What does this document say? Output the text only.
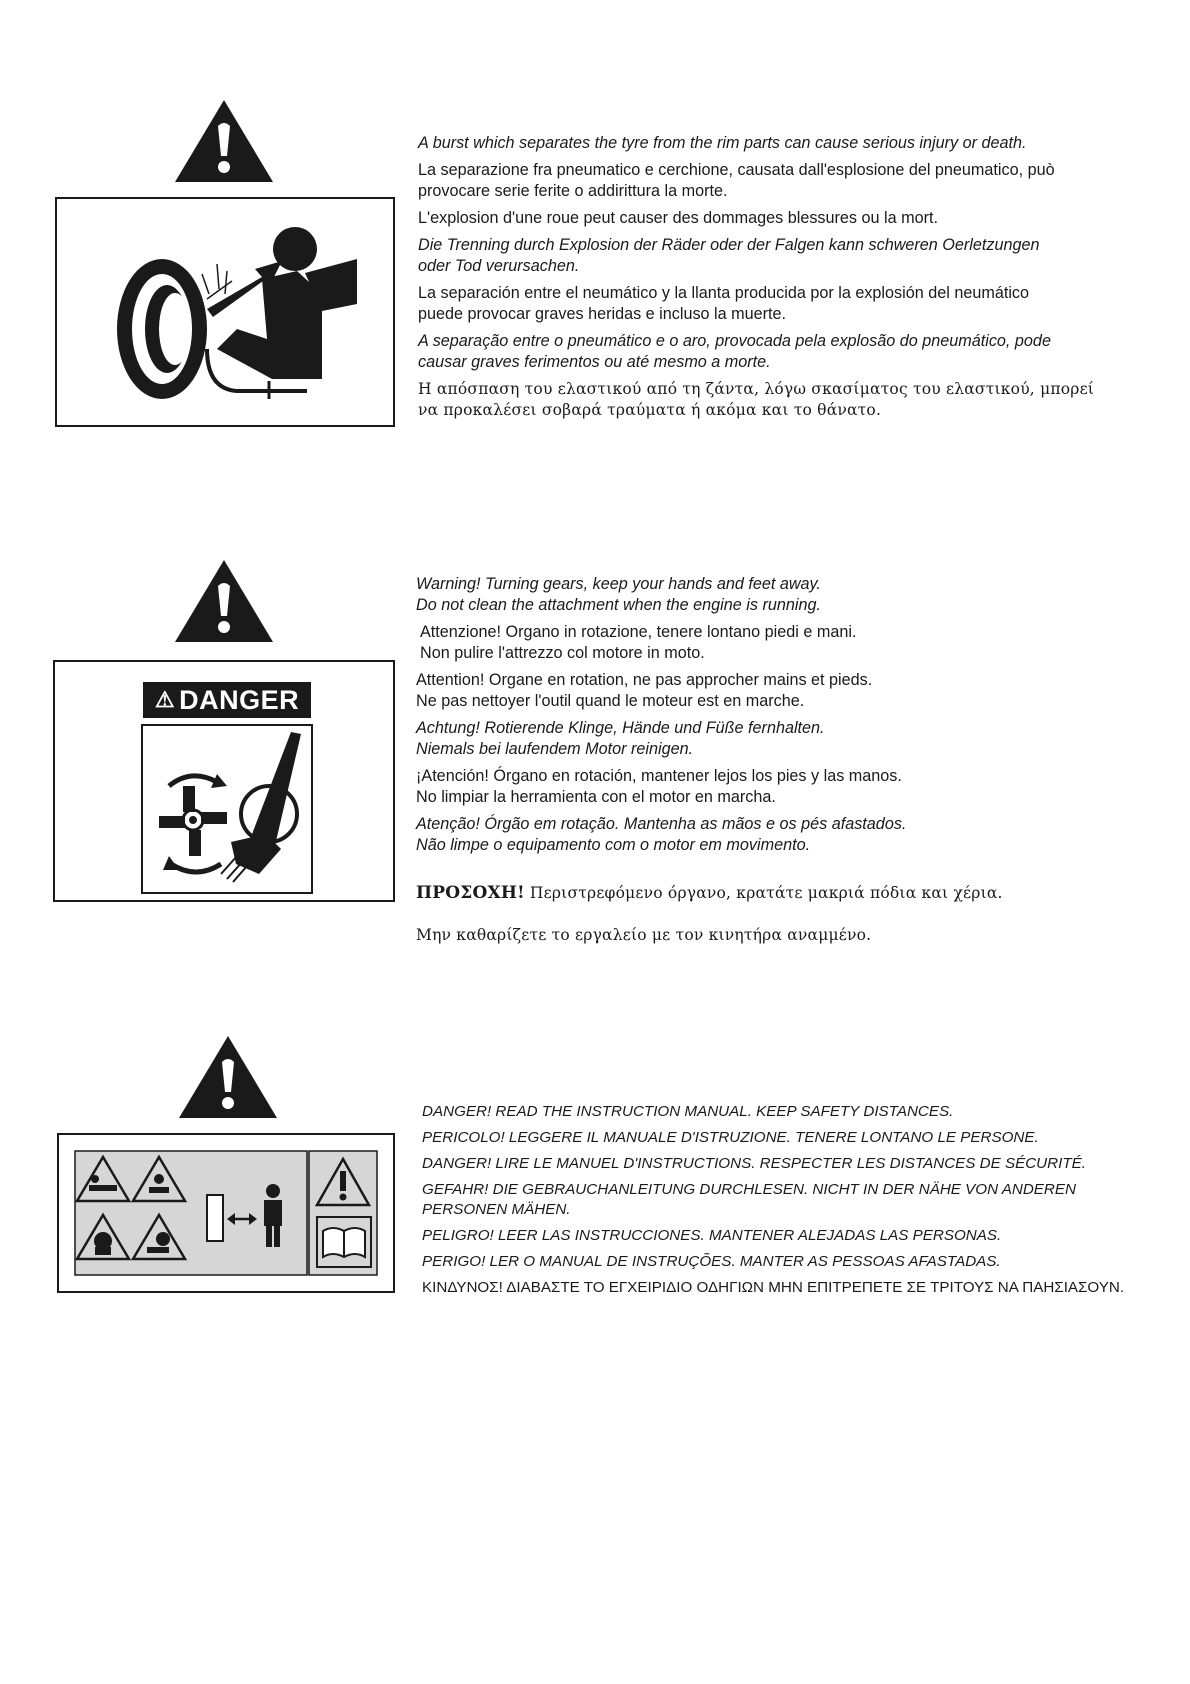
A burst which separates the tyre from the rim parts can cause serious injury or death.

La separazione fra pneumatico e cerchione, causata dall'esplosione del pneumatico, può
provocare serie ferite o addirittura la morte.

L'explosion d'une roue peut causer des dommages blessures ou la mort.

Die Trenning durch Explosion der Räder oder der Falgen kann schweren Oerletzungen
oder Tod verursachen.

La separación entre el neumático y la llanta producida por la explosión del neumático
puede provocar graves heridas e incluso la muerte.

A separação entre o pneumático e o aro, provocada pela explosão do pneumático, pode
causar graves ferimentos ou até mesmo a morte.

Η απόσπαση του ελαστικού από τη ζάντα, λόγω σκασίματος του ελαστικού, μπορεί
να προκαλέσει σοβαρά τραύματα ή ακόμα και το θάνατο.

⚠ DANGER

Warning! Turning gears, keep your hands and feet away.
Do not clean the attachment when the engine is running.

Attenzione! Organo in rotazione, tenere lontano piedi e mani.
Non pulire l'attrezzo col motore in moto.

Attention! Organe en rotation, ne pas approcher mains et pieds.
Ne pas nettoyer l'outil quand le moteur est en marche.

Achtung! Rotierende Klinge, Hände und Füße fernhalten.
Niemals bei laufendem Motor reinigen.

¡Atención! Órgano en rotación, mantener lejos los pies y las manos.
No limpiar la herramienta con el motor en marcha.

Atenção! Órgão em rotação. Mantenha as mãos e os pés afastados.
Não limpe o equipamento com o motor em movimento.

ΠΡΟΣΟΧΗ! Περιστρεφόμενο όργανο, κρατάτε μακριά πόδια και χέρια.

Μην καθαρίζετε το εργαλείο με τον κινητήρα αναμμένο.

DANGER! READ THE INSTRUCTION MANUAL. KEEP SAFETY DISTANCES.

PERICOLO! LEGGERE IL MANUALE D'ISTRUZIONE. TENERE LONTANO LE PERSONE.

DANGER! LIRE LE MANUEL D'INSTRUCTIONS. RESPECTER LES DISTANCES DE SÉCURITÉ.

GEFAHR! DIE GEBRAUCHANLEITUNG DURCHLESEN. NICHT IN DER NÄHE VON ANDEREN
PERSONEN MÄHEN.

PELIGRO! LEER LAS INSTRUCCIONES. MANTENER ALEJADAS LAS PERSONAS.

PERIGO! LER O MANUAL DE INSTRUÇÕES. MANTER AS PESSOAS AFASTADAS.

ΚΙΝΔΥΝΟΣ! ΔΙΑΒΑΣΤΕ ΤΟ ΕΓΧΕΙΡΙΔΙΟ ΟΔΗΓΙΩΝ ΜΗΝ ΕΠΙΤΡΕΠΕΤΕ ΣΕ ΤΡΙΤΟΥΣ ΝΑ ΠΑΗΣΙΑΣΟΥΝ.
